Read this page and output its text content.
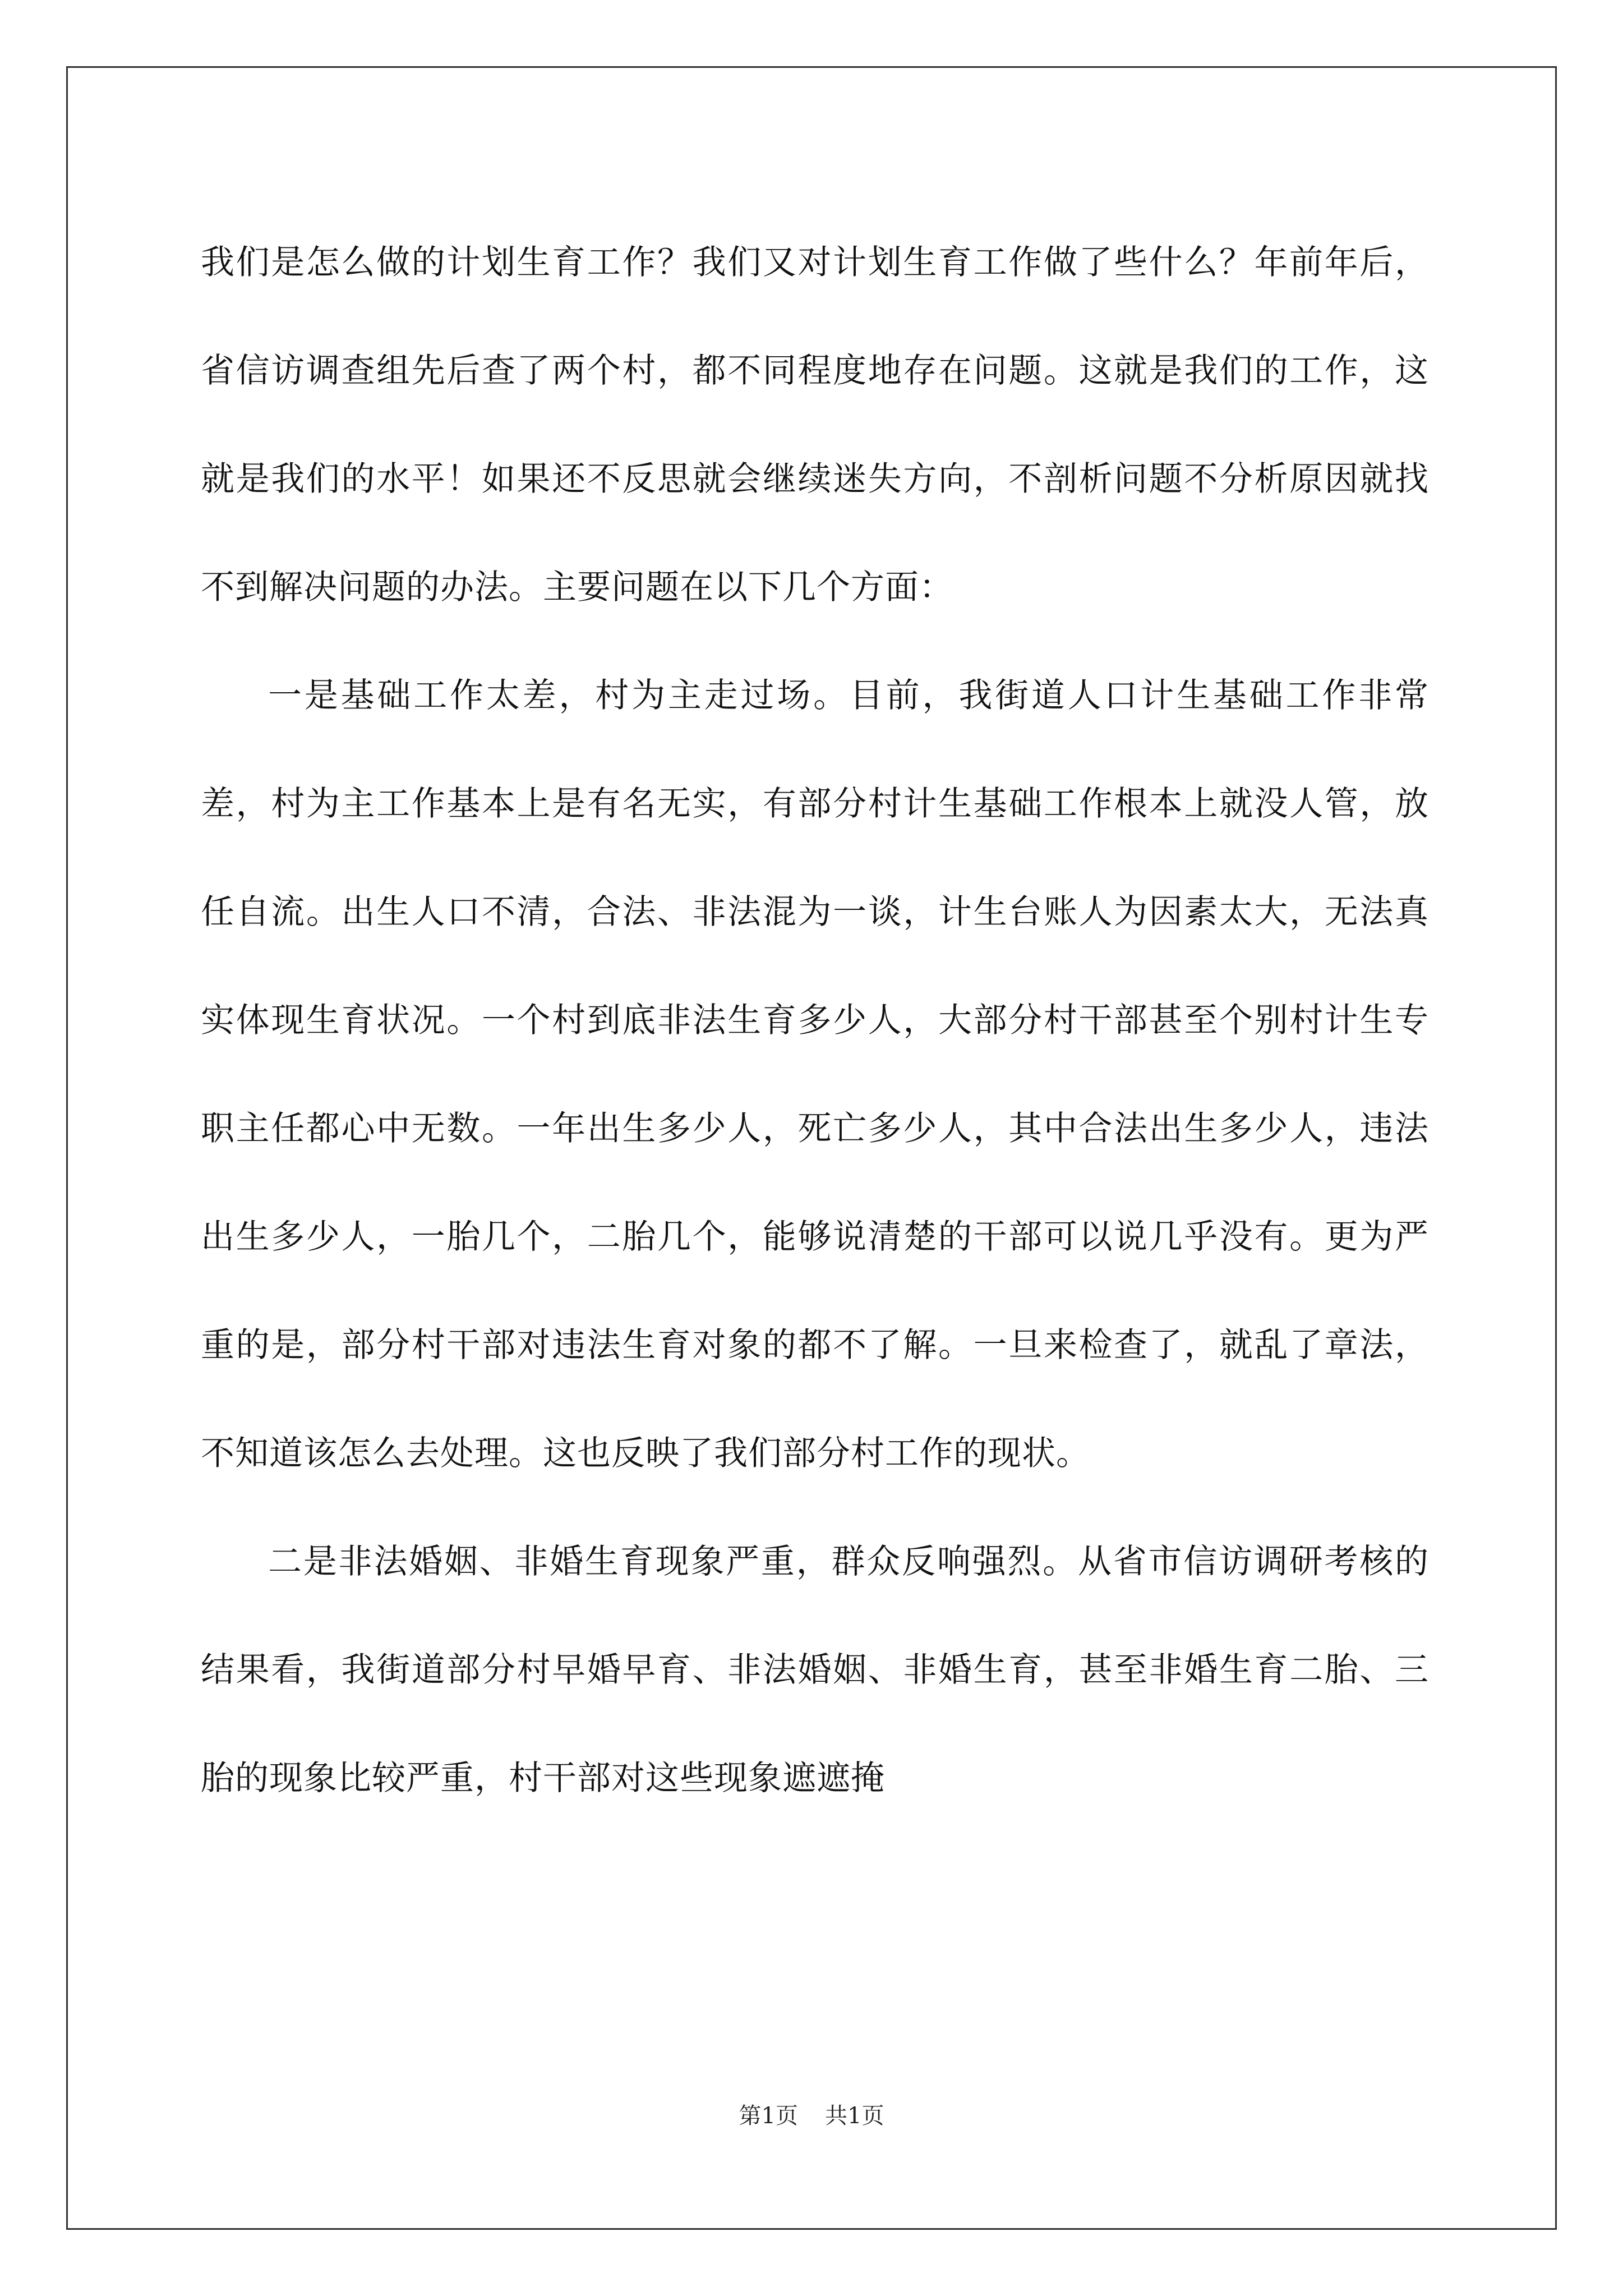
我们是怎么做的计划生育工作？我们又对计划生育工作做了些什么？年前年后，省信访调查组先后查了两个村，都不同程度地存在问题。这就是我们的工作，这就是我们的水平！如果还不反思就会继续迷失方向，不剖析问题不分析原因就找不到解决问题的办法。主要问题在以下几个方面：

一是基础工作太差，村为主走过场。目前，我街道人口计生基础工作非常差，村为主工作基本上是有名无实，有部分村计生基础工作根本上就没人管，放任自流。出生人口不清，合法、非法混为一谈，计生台账人为因素太大，无法真实体现生育状况。一个村到底非法生育多少人，大部分村干部甚至个别村计生专职主任都心中无数。一年出生多少人，死亡多少人，其中合法出生多少人，违法出生多少人，一胎几个，二胎几个，能够说清楚的干部可以说几乎没有。更为严重的是，部分村干部对违法生育对象的都不了解。一旦来检查了，就乱了章法，不知道该怎么去处理。这也反映了我们部分村工作的现状。

二是非法婚姻、非婚生育现象严重，群众反响强烈。从省市信访调研考核的结果看，我街道部分村早婚早育、非法婚姻、非婚生育，甚至非婚生育二胎、三胎的现象比较严重，村干部对这些现象遮遮掩

第1页 共1页
